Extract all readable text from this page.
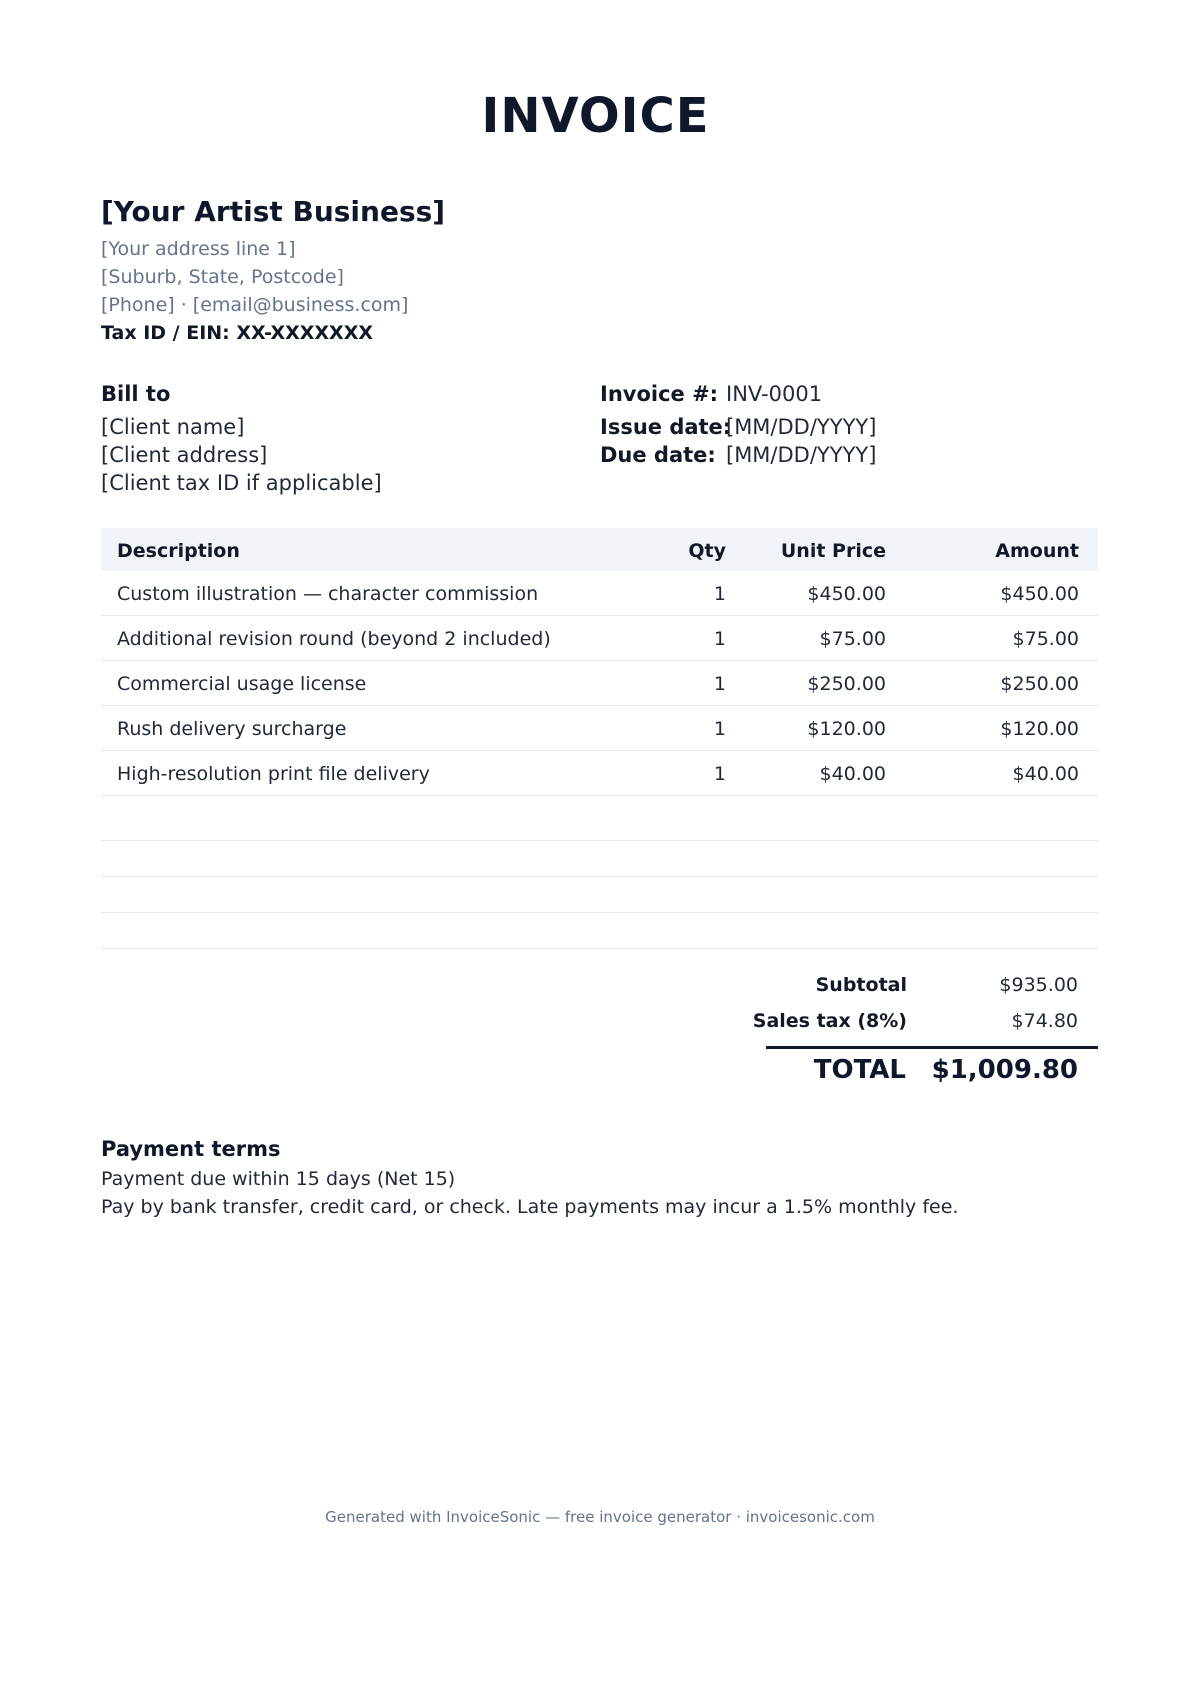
INVOICE
[Your Artist Business]
[Your address line 1]
[Suburb, State, Postcode]
[Phone] · [email@business.com]
Tax ID / EIN: XX-XXXXXXX
Bill to
[Client name]
[Client address]
[Client tax ID if applicable]
Invoice #: INV-0001
Issue date:
[MM/DD/YYYY]
Due date: [MM/DD/YYYY]
Description	Qty	Unit Price	Amount
Custom illustration — character commission	1	$450.00	$450.00
Additional revision round (beyond 2 included)	1	$75.00	$75.00
Commercial usage license	1	$250.00	$250.00
Rush delivery surcharge	1	$120.00	$120.00
High-resolution print file delivery	1	$40.00	$40.00
Subtotal	$935.00
Sales tax (8%)	$74.80
TOTAL $1,009.80
Payment terms
Payment due within 15 days (Net 15)
Pay by bank transfer, credit card, or check. Late payments may incur a 1.5% monthly fee.
Generated with InvoiceSonic — free invoice generator · invoicesonic.com
